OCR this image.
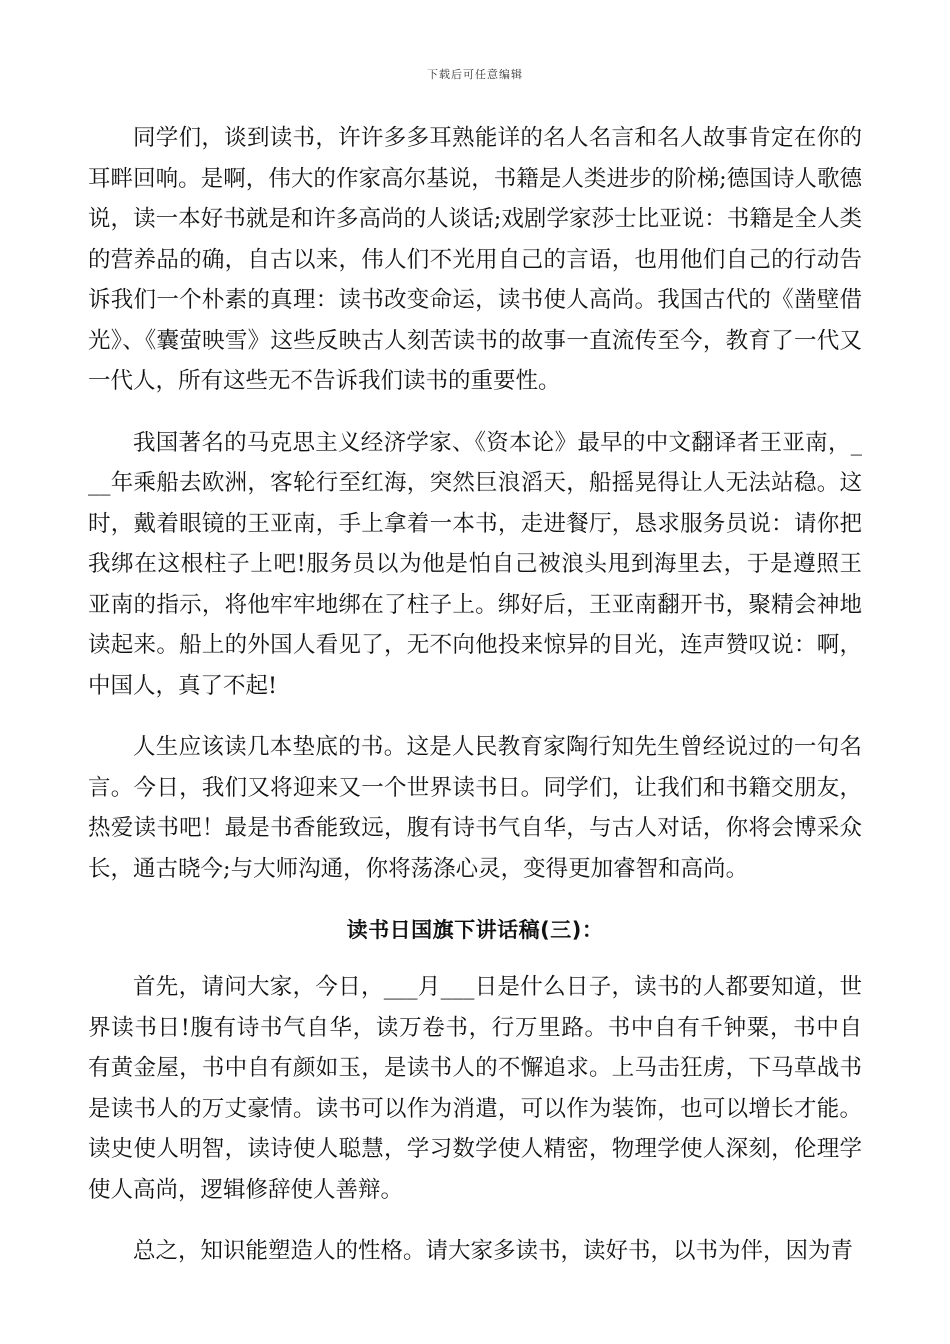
下载后可任意编辑

同学们，谈到读书，许许多多耳熟能详的名人名言和名人故事肯定在你的耳畔回响。是啊，伟大的作家高尔基说，书籍是人类进步的阶梯;德国诗人歌德说，读一本好书就是和许多高尚的人谈话;戏剧学家莎士比亚说：书籍是全人类的营养品的确，自古以来，伟人们不光用自己的言语，也用他们自己的行动告诉我们一个朴素的真理：读书改变命运，读书使人高尚。我国古代的《凿壁借光》、《囊萤映雪》这些反映古人刻苦读书的故事一直流传至今，教育了一代又一代人，所有这些无不告诉我们读书的重要性。

我国著名的马克思主义经济学家、《资本论》最早的中文翻译者王亚南，___年乘船去欧洲，客轮行至红海，突然巨浪滔天，船摇晃得让人无法站稳。这时，戴着眼镜的王亚南，手上拿着一本书，走进餐厅，恳求服务员说：请你把我绑在这根柱子上吧!服务员以为他是怕自己被浪头甩到海里去，于是遵照王亚南的指示，将他牢牢地绑在了柱子上。绑好后，王亚南翻开书，聚精会神地读起来。船上的外国人看见了，无不向他投来惊异的目光，连声赞叹说：啊，中国人，真了不起!

人生应该读几本垫底的书。这是人民教育家陶行知先生曾经说过的一句名言。今日，我们又将迎来又一个世界读书日。同学们，让我们和书籍交朋友，热爱读书吧！最是书香能致远，腹有诗书气自华，与古人对话，你将会博采众长，通古晓今;与大师沟通，你将荡涤心灵，变得更加睿智和高尚。

读书日国旗下讲话稿(三)：

首先，请问大家，今日，___月___日是什么日子，读书的人都要知道，世界读书日!腹有诗书气自华，读万卷书，行万里路。书中自有千钟粟，书中自有黄金屋，书中自有颜如玉，是读书人的不懈追求。上马击狂虏，下马草战书是读书人的万丈豪情。读书可以作为消遣，可以作为装饰，也可以增长才能。读史使人明智，读诗使人聪慧，学习数学使人精密，物理学使人深刻，伦理学使人高尚，逻辑修辞使人善辩。

总之，知识能塑造人的性格。请大家多读书，读好书，以书为伴，因为青
